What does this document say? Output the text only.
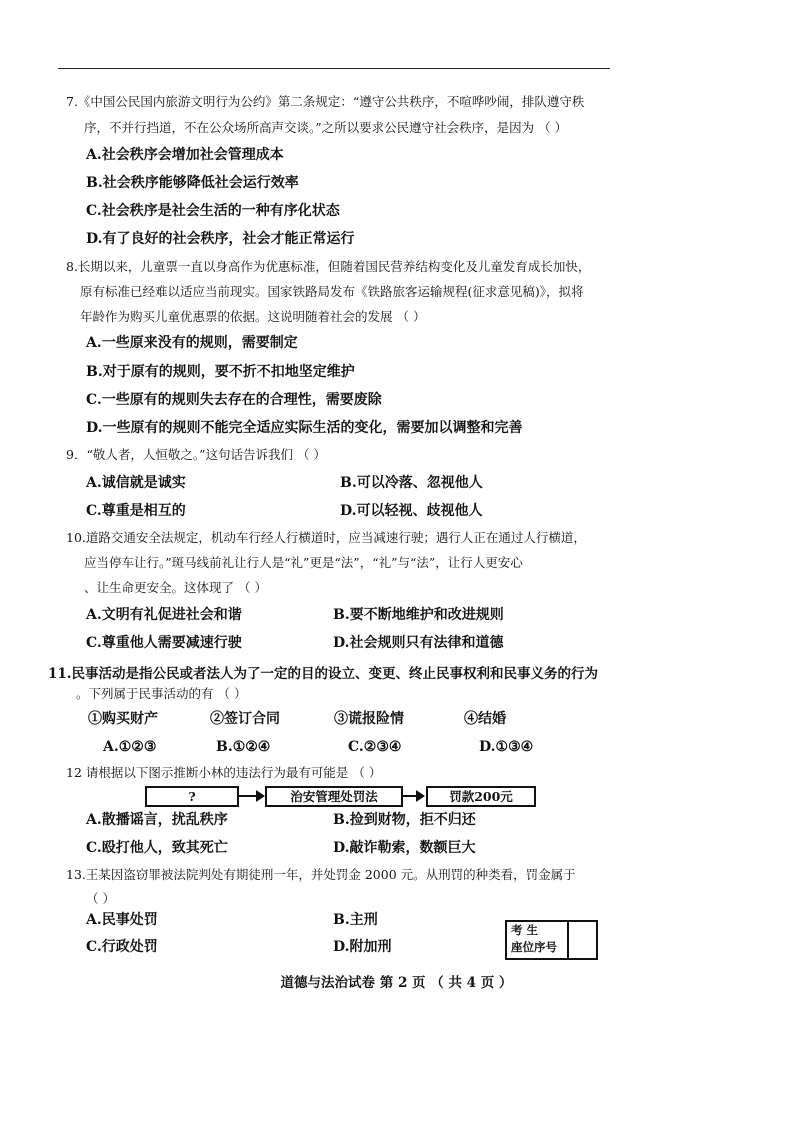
7.《中国公民国内旅游文明行为公约》第二条规定：“遵守公共秩序，不喧哗吵闹，排队遵守秩
序，不并行挡道，不在公众场所高声交谈。”之所以要求公民遵守社会秩序，是因为 （ ）
A.社会秩序会增加社会管理成本
B.社会秩序能够降低社会运行效率
C.社会秩序是社会生活的一种有序化状态
D.有了良好的社会秩序，社会才能正常运行
8.长期以来，儿童票一直以身高作为优惠标准，但随着国民营养结构变化及儿童发育成长加快，
原有标准已经难以适应当前现实。国家铁路局发布《铁路旅客运输规程(征求意见稿)》，拟将
年龄作为购买儿童优惠票的依据。这说明随着社会的发展 （ ）
A.一些原来没有的规则，需要制定
B.对于原有的规则，要不折不扣地坚定维护
C.一些原有的规则失去存在的合理性，需要废除
D.一些原有的规则不能完全适应实际生活的变化，需要加以调整和完善
9．“敬人者，人恒敬之。”这句话告诉我们 （ ）
A.诚信就是诚实	B.可以冷落、忽视他人
C.尊重是相互的	D.可以轻视、歧视他人
10.道路交通安全法规定，机动车行经人行横道时，应当减速行驶；遇行人正在通过人行横道，
应当停车让行。”斑马线前礼让行人是“礼”更是“法”，“礼”与“法”，让行人更安心
、让生命更安全。这体现了 （ ）
A.文明有礼促进社会和谐	B.要不断地维护和改进规则
C.尊重他人需要减速行驶	D.社会规则只有法律和道德
11.民事活动是指公民或者法人为了一定的目的设立、变更、终止民事权利和民事义务的行为
。下列属于民事活动的有 （ ）
①购买财产	②签订合同	③谎报险情	④结婚
A.①②③	B.①②④	C.②③④	D.①③④
12 请根据以下图示推断小林的违法行为最有可能是 （ ）
?	治安管理处罚法	罚款200元
A.散播谣言，扰乱秩序	B.捡到财物，拒不归还
C.殴打他人，致其死亡	D.敲诈勒索，数额巨大
13.王某因盗窃罪被法院判处有期徒刑一年，并处罚金 2000 元。从刑罚的种类看，罚金属于
（ ）
A.民事处罚	B.主刑
C.行政处罚	D.附加刑
考 生
座位序号
道德与法治试卷 第 2 页 （ 共 4 页 ）
